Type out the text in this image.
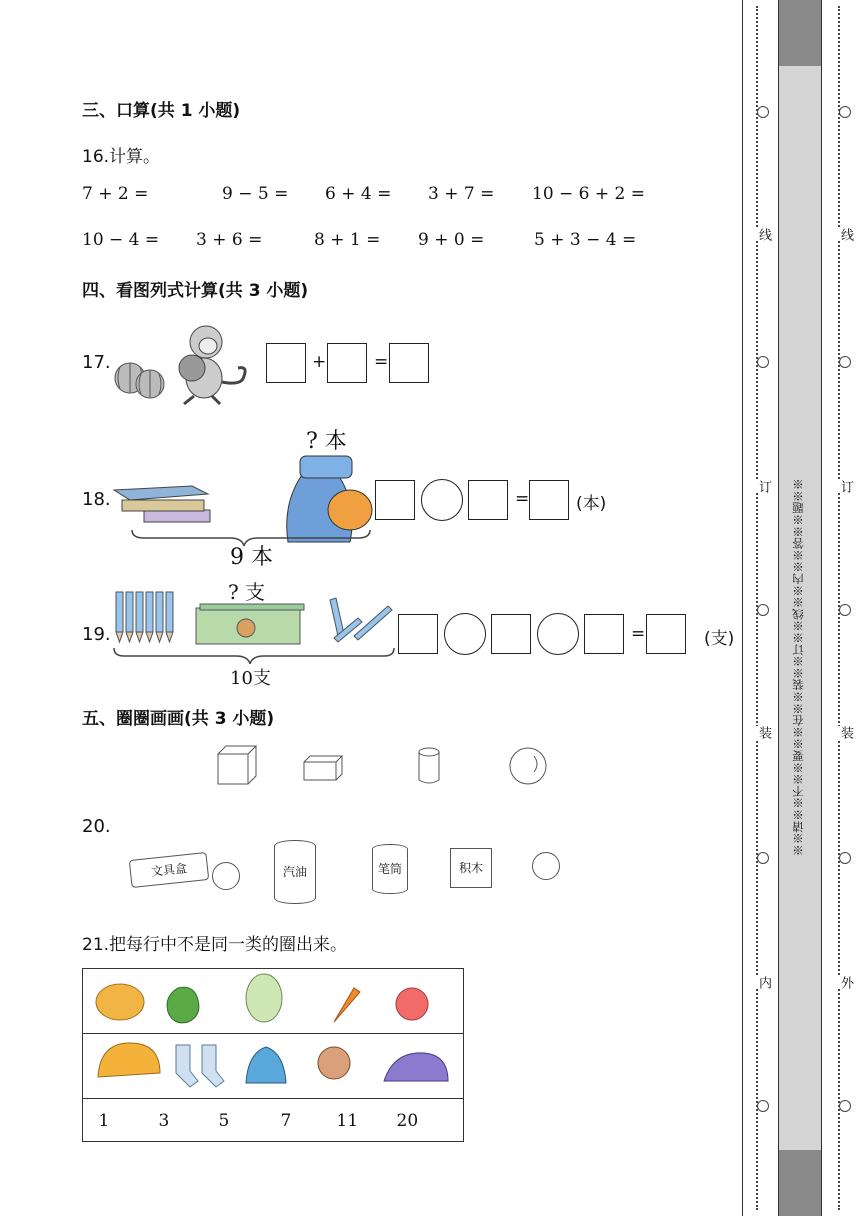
三、口算(共 1 小题)
16.计算。
7 + 2 =	9 − 5 = 6 + 4 = 3 + 7 = 10 − 6 + 2 =
10 − 4 = 3 + 6 =	8 + 1 = 9 + 0 =	5 + 3 − 4 =
四、看图列式计算(共 3 小题)
17.	+	=
? 本
18.
9 本
=	(本)
? 支
19.
10支
=	(支)
五、圈圈画画(共 3 小题)
20.
文具盒	汽油	笔筒	积木
21.把每行中不是同一类的圈出来。

1	3	5	7	11 20
线
订
装
内
※※请※※不※※要※※在※※装※※订※※线※※内※※答※※题※※
线
订
装
外
